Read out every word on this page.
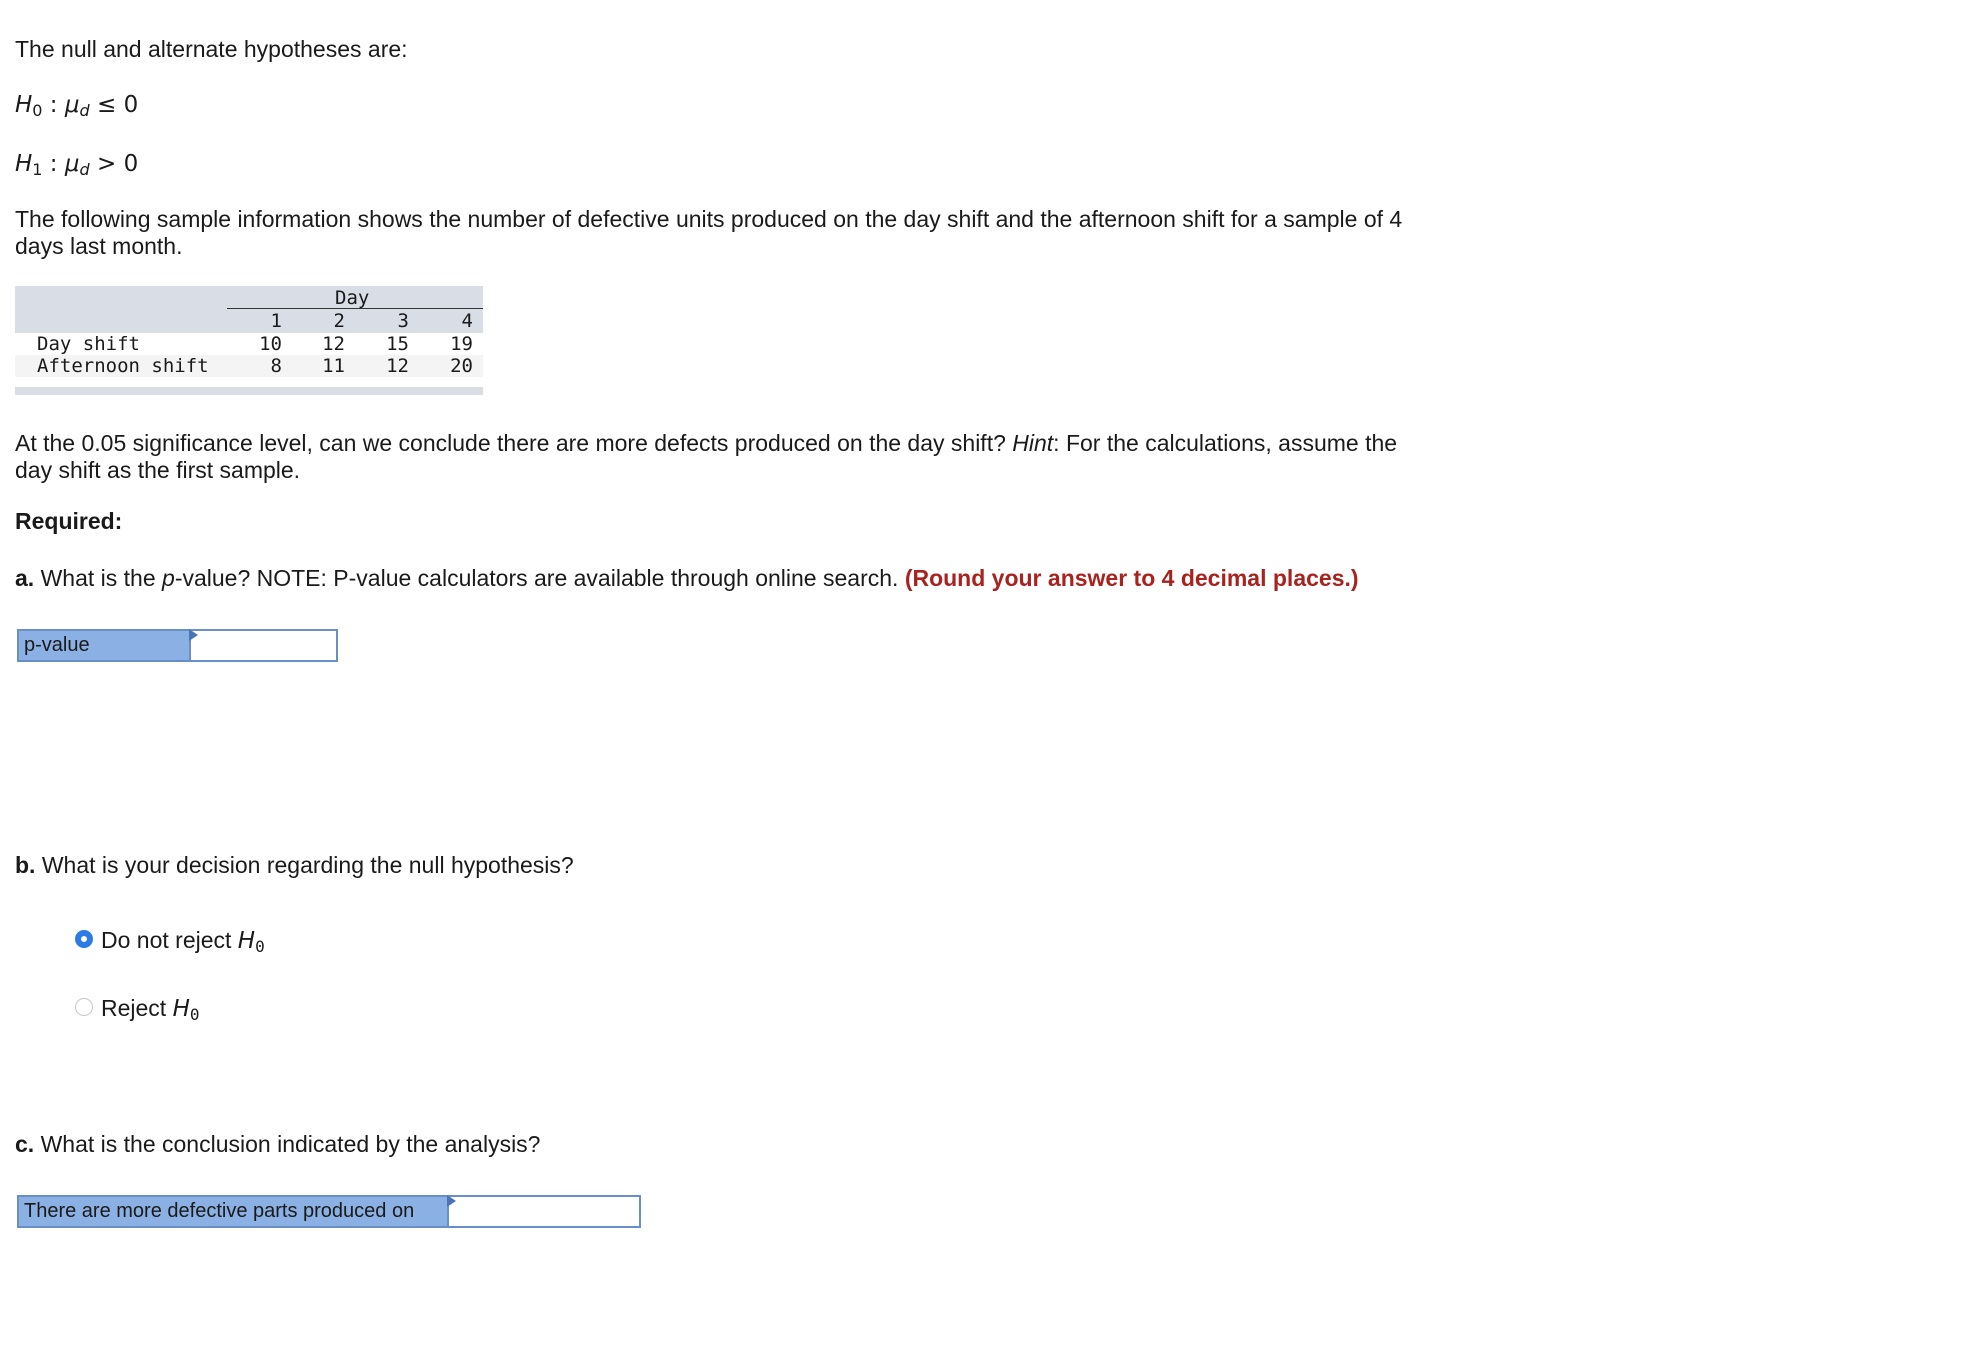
The null and alternate hypotheses are:

$H_0$ : $\mu_d \le 0$
$H_1$ : $\mu_d > 0$

The following sample information shows the number of defective units produced on the day shift and the afternoon shift for a sample of 4 days last month.

Day
1	2	3	4
Day shift	10	12	15	19
Afternoon shift	8	11	12	20

At the 0.05 significance level, can we conclude there are more defects produced on the day shift? Hint: For the calculations, assume the day shift as the first sample.

Required:

a. What is the p-value? NOTE: P-value calculators are available through online search. (Round your answer to 4 decimal places.)

p-value

b. What is your decision regarding the null hypothesis?

Do not reject $H_0$
Reject $H_0$

c. What is the conclusion indicated by the analysis?

There are more defective parts produced on
